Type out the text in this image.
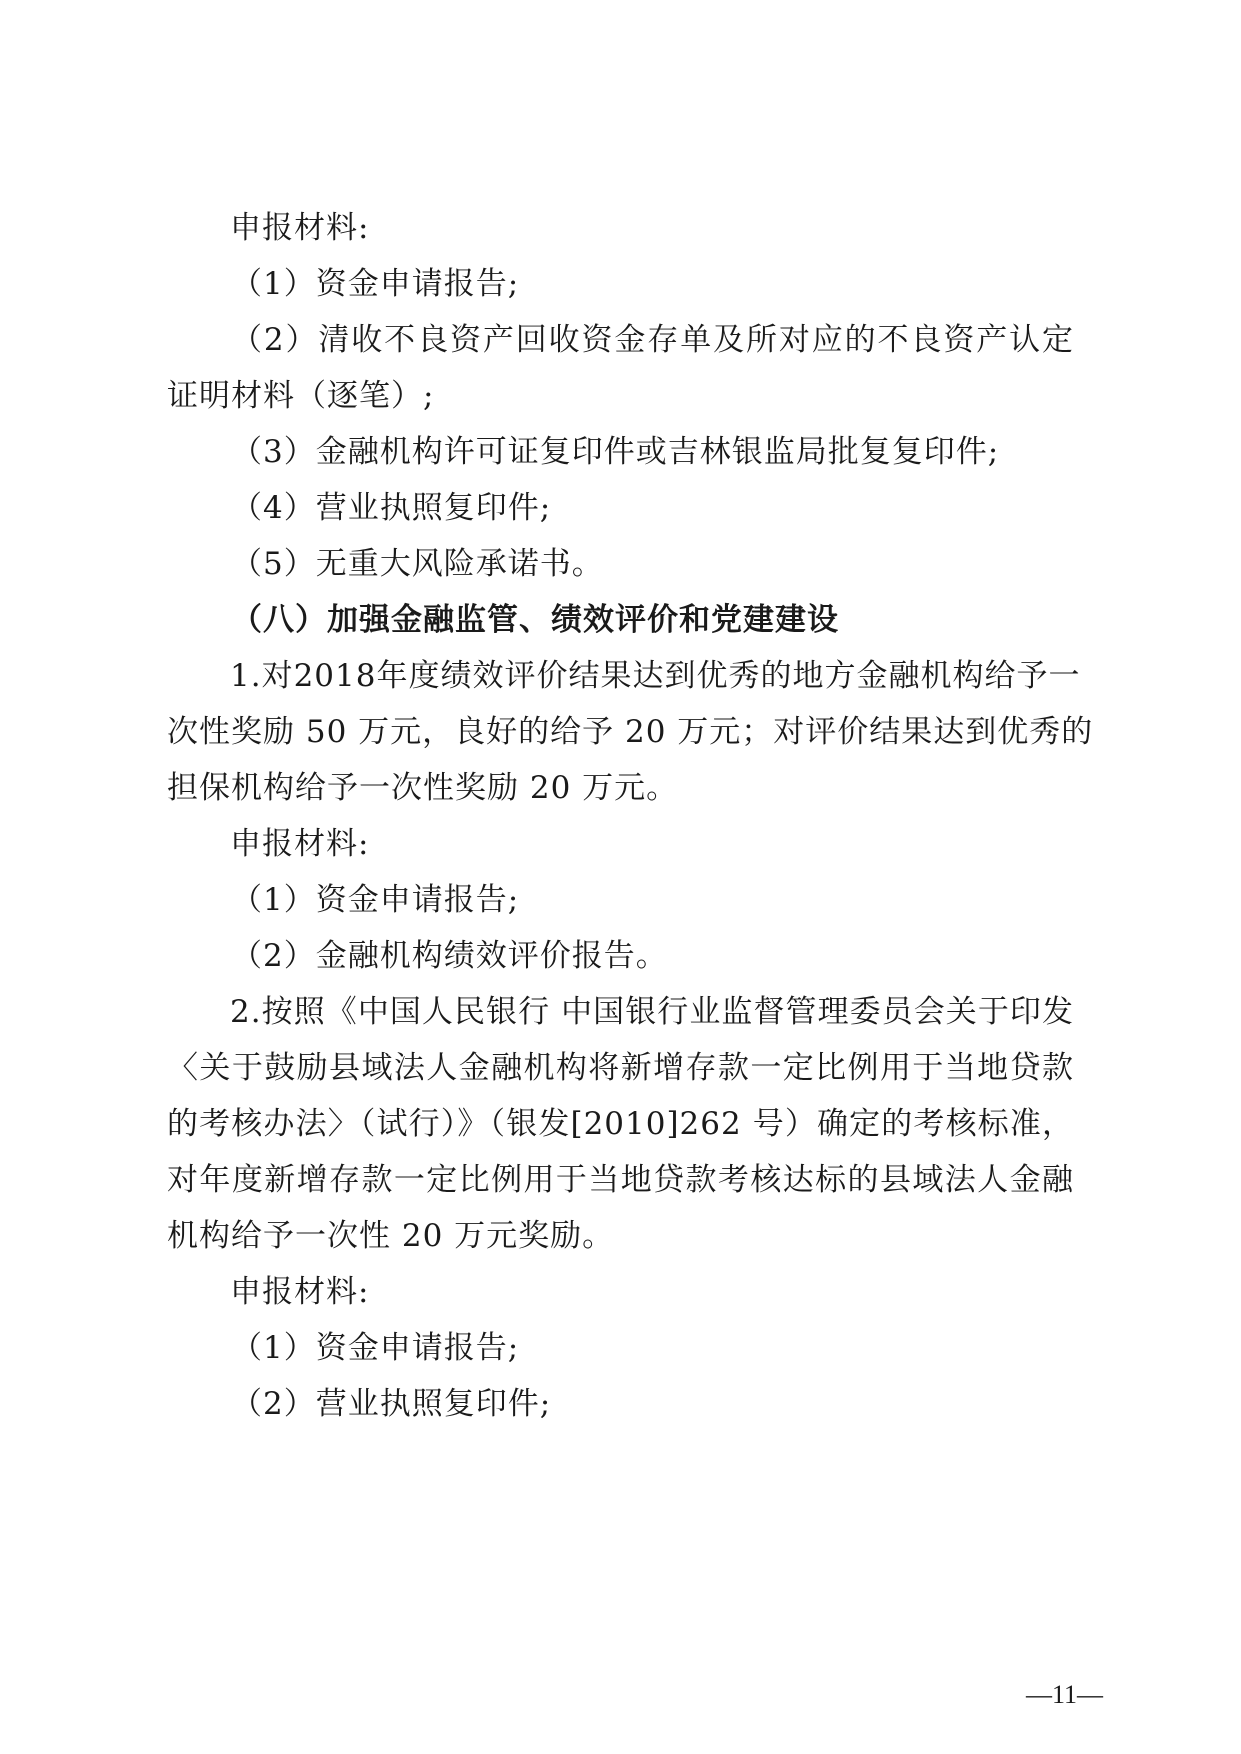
申报材料:
（1）资金申请报告;
（2）清收不良资产回收资金存单及所对应的不良资产认定
证明材料（逐笔）;
（3）金融机构许可证复印件或吉林银监局批复复印件;
（4）营业执照复印件;
（5）无重大风险承诺书。
（八）加强金融监管、绩效评价和党建建设
1.对2018年度绩效评价结果达到优秀的地方金融机构给予一
次性奖励 50 万元，良好的给予 20 万元；对评价结果达到优秀的
担保机构给予一次性奖励 20 万元。
申报材料:
（1）资金申请报告;
（2）金融机构绩效评价报告。
2.按照《中国人民银行 中国银行业监督管理委员会关于印发
〈关于鼓励县域法人金融机构将新增存款一定比例用于当地贷款
的考核办法〉（试行）》（银发[2010]262 号）确定的考核标准，
对年度新增存款一定比例用于当地贷款考核达标的县域法人金融
机构给予一次性 20 万元奖励。
申报材料:
（1）资金申请报告;
（2）营业执照复印件;
—11—
